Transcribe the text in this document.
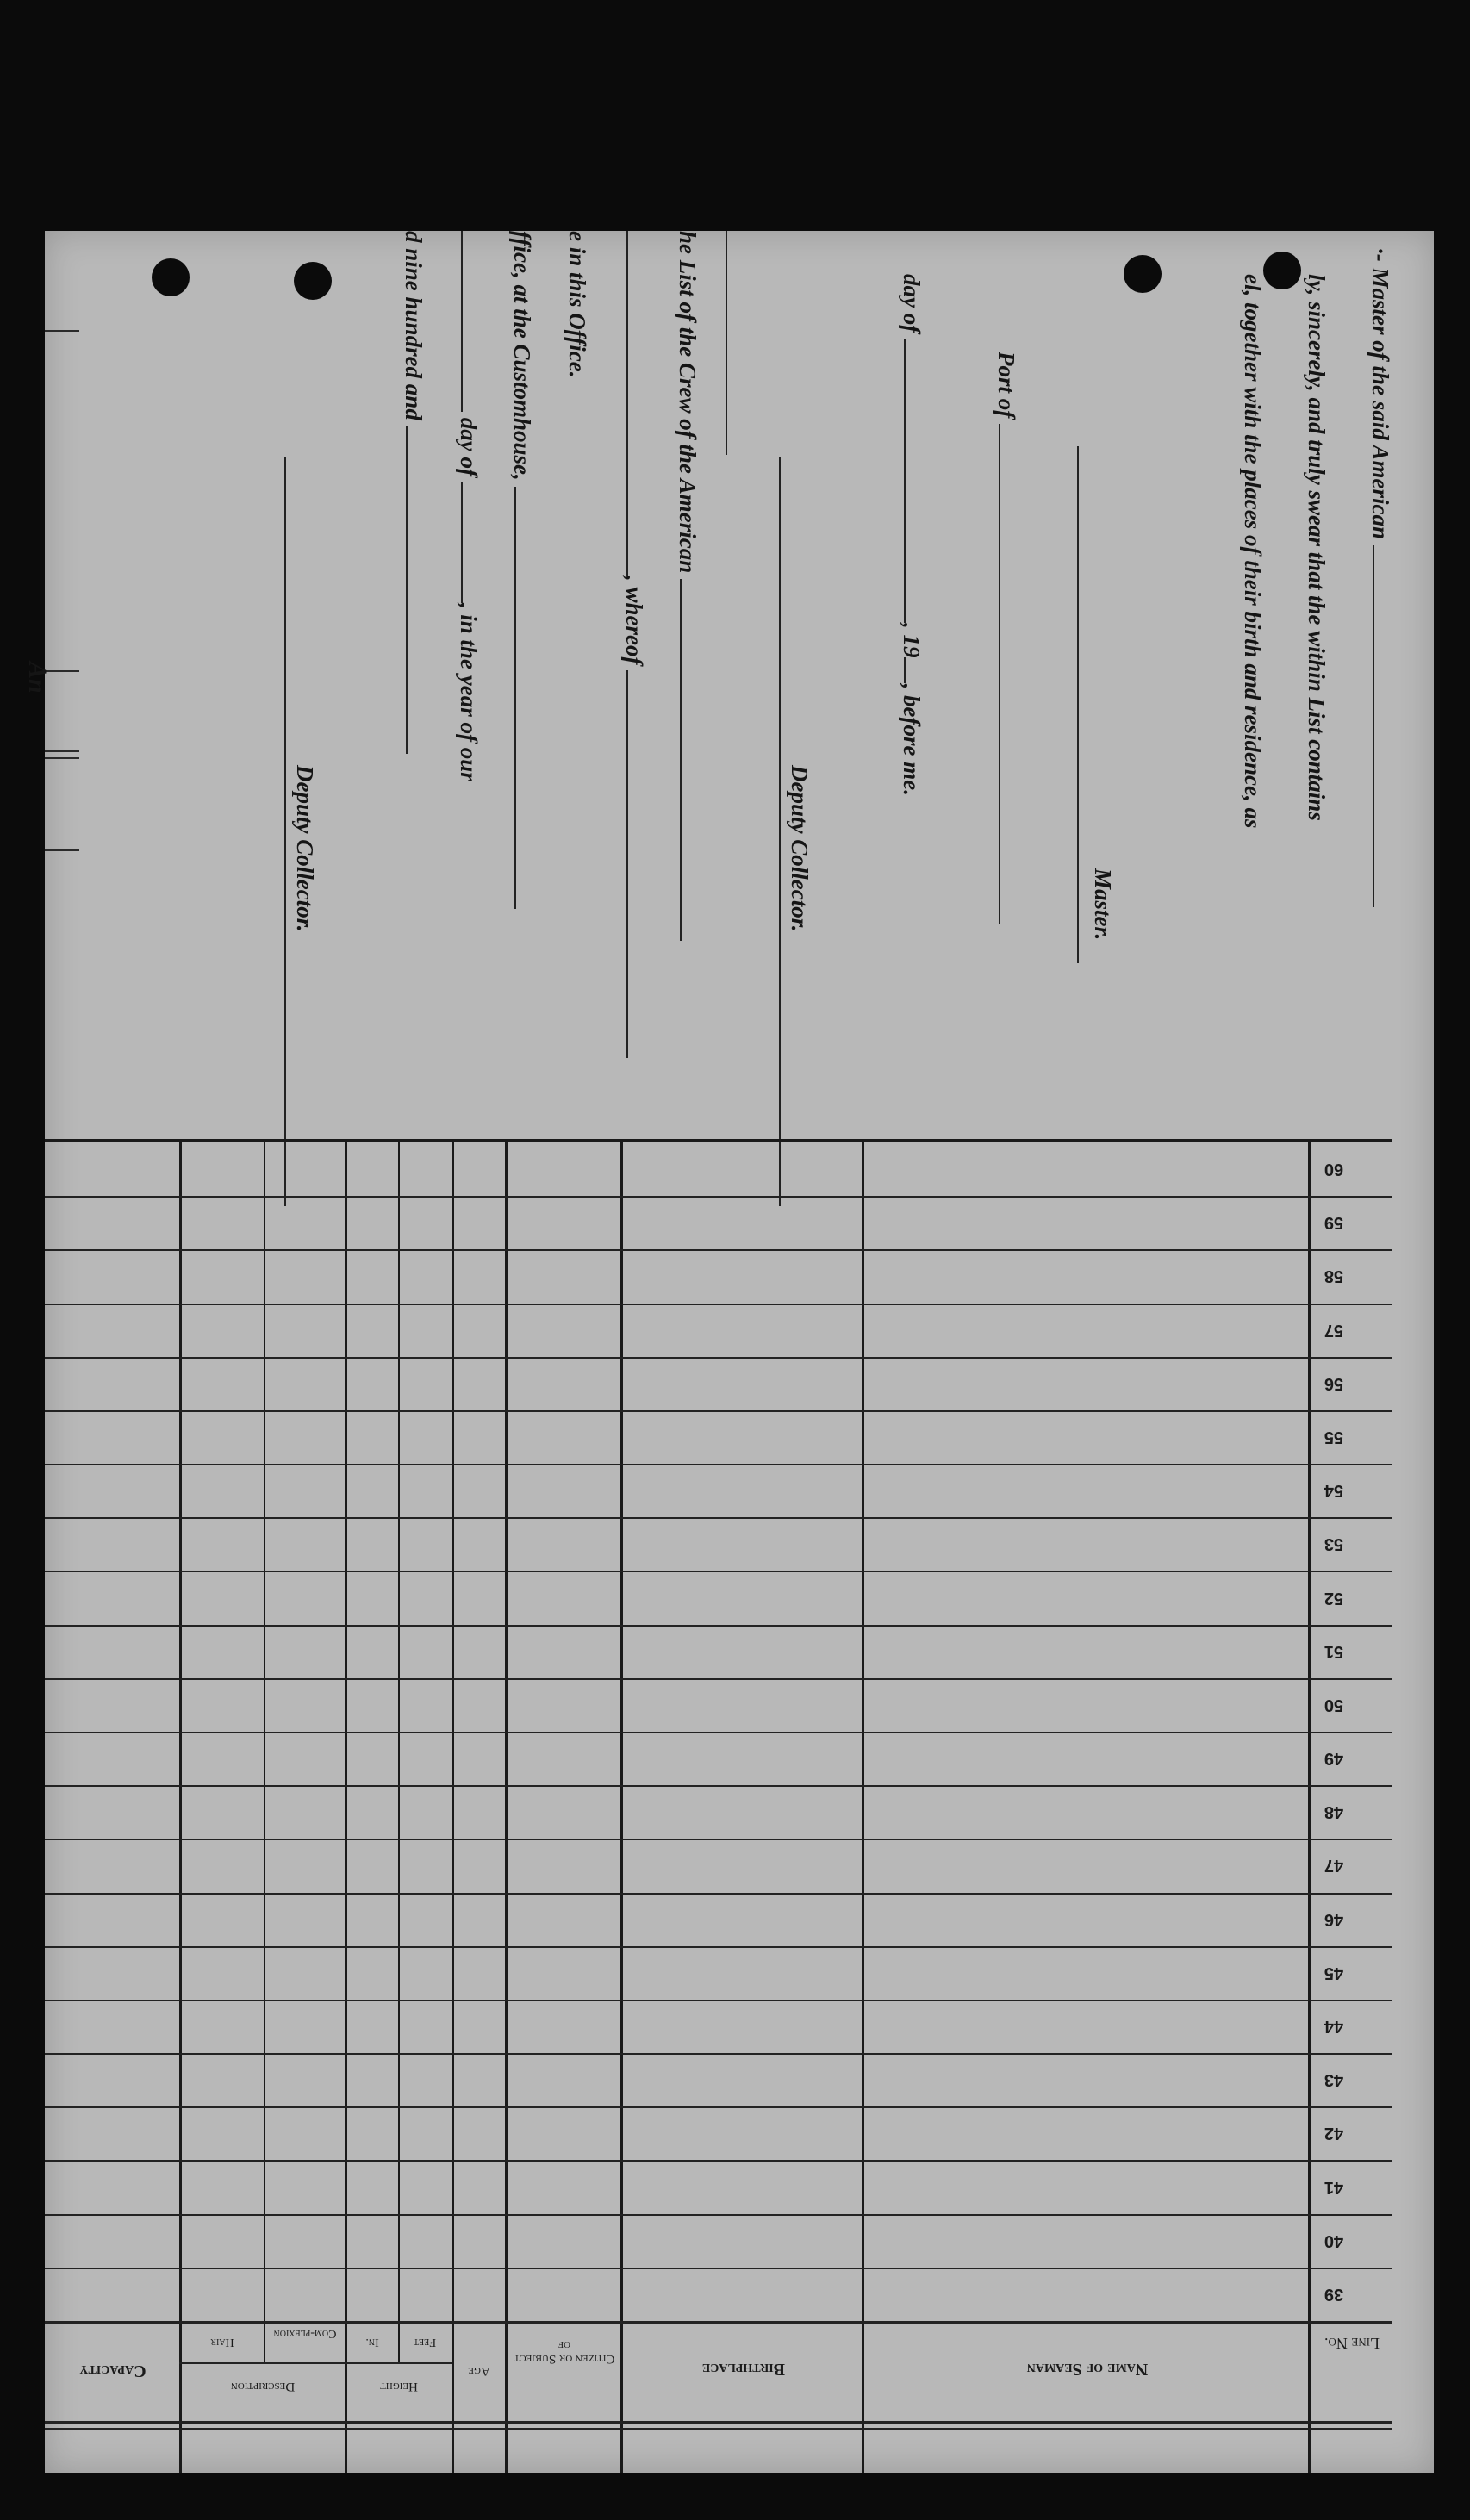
An
·- Master of the said American
ly, sincerely, and truly swear that the within List contains
el, together with the places of their birth and residence, as
Master.
Port of
day of , 19, before me.
Deputy Collector.
he List of the Crew of the American
, whereof
e in this Office.
ffice, at the Customhouse,
day of , in the year of our
d nine hundred and
Deputy Collector.
60
59
58
57
56
55
54
53
52
51
50
49
48
47
46
45
44
43
42
41
40
39
Line No.
Name of Seaman
Birthplace
Citizen or Subject of
Age
Height
Feet
In.
Description
Com-plexion
Hair
Capacity
